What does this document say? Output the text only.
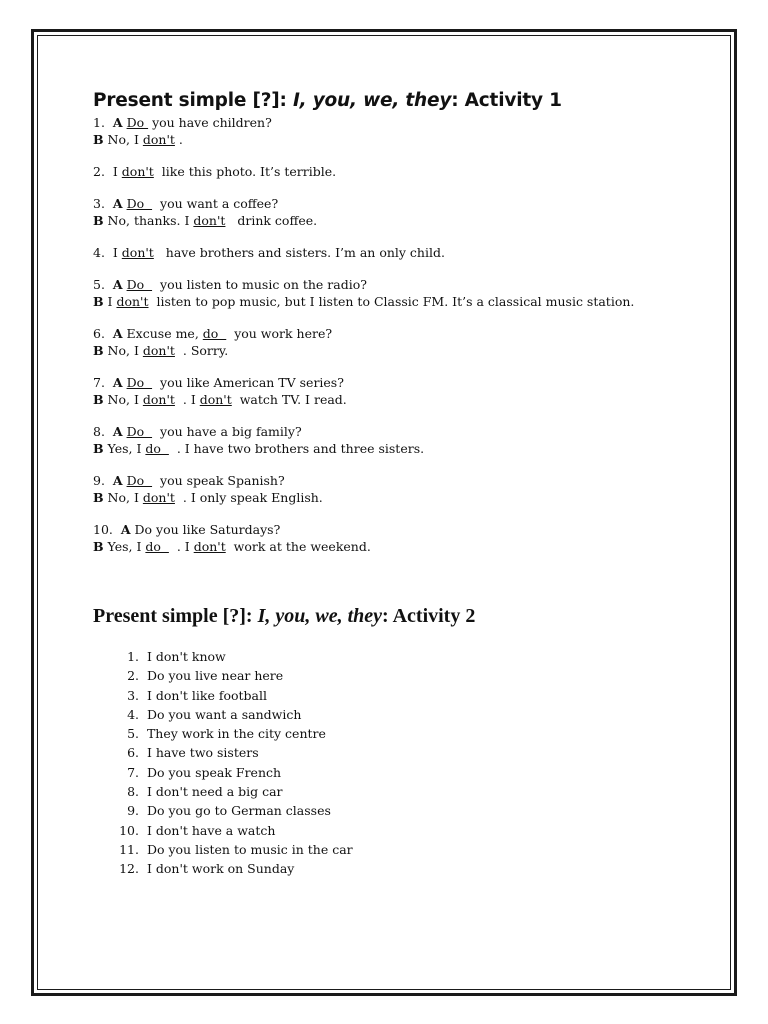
Present simple [?]: I, you, we, they: Activity 1
1.  A Do  you have children?
B No, I don't .
2.  I don't  like this photo. It’s terrible.
3.  A Do    you want a coffee?
B No, thanks. I don't   drink coffee.
4.  I don't   have brothers and sisters. I’m an only child.
5.  A Do    you listen to music on the radio?
B I don't  listen to pop music, but I listen to Classic FM. It’s a classical music station.
6.  A Excuse me, do    you work here?
B No, I don't  . Sorry.
7.  A Do    you like American TV series?
B No, I don't  . I don't  watch TV. I read.
8.  A Do    you have a big family?
B Yes, I do    . I have two brothers and three sisters.
9.  A Do    you speak Spanish?
B No, I don't  . I only speak English.
10.  A Do you like Saturdays?
B Yes, I do    . I don't  work at the weekend.
Present simple [?]: I, you, we, they: Activity 2
1. I don't know
2. Do you live near here
3. I don't like football
4. Do you want a sandwich
5. They work in the city centre
6. I have two sisters
7. Do you speak French
8. I don't need a big car
9. Do you go to German classes
10. I don't have a watch
11. Do you listen to music in the car
12. I don't work on Sunday
